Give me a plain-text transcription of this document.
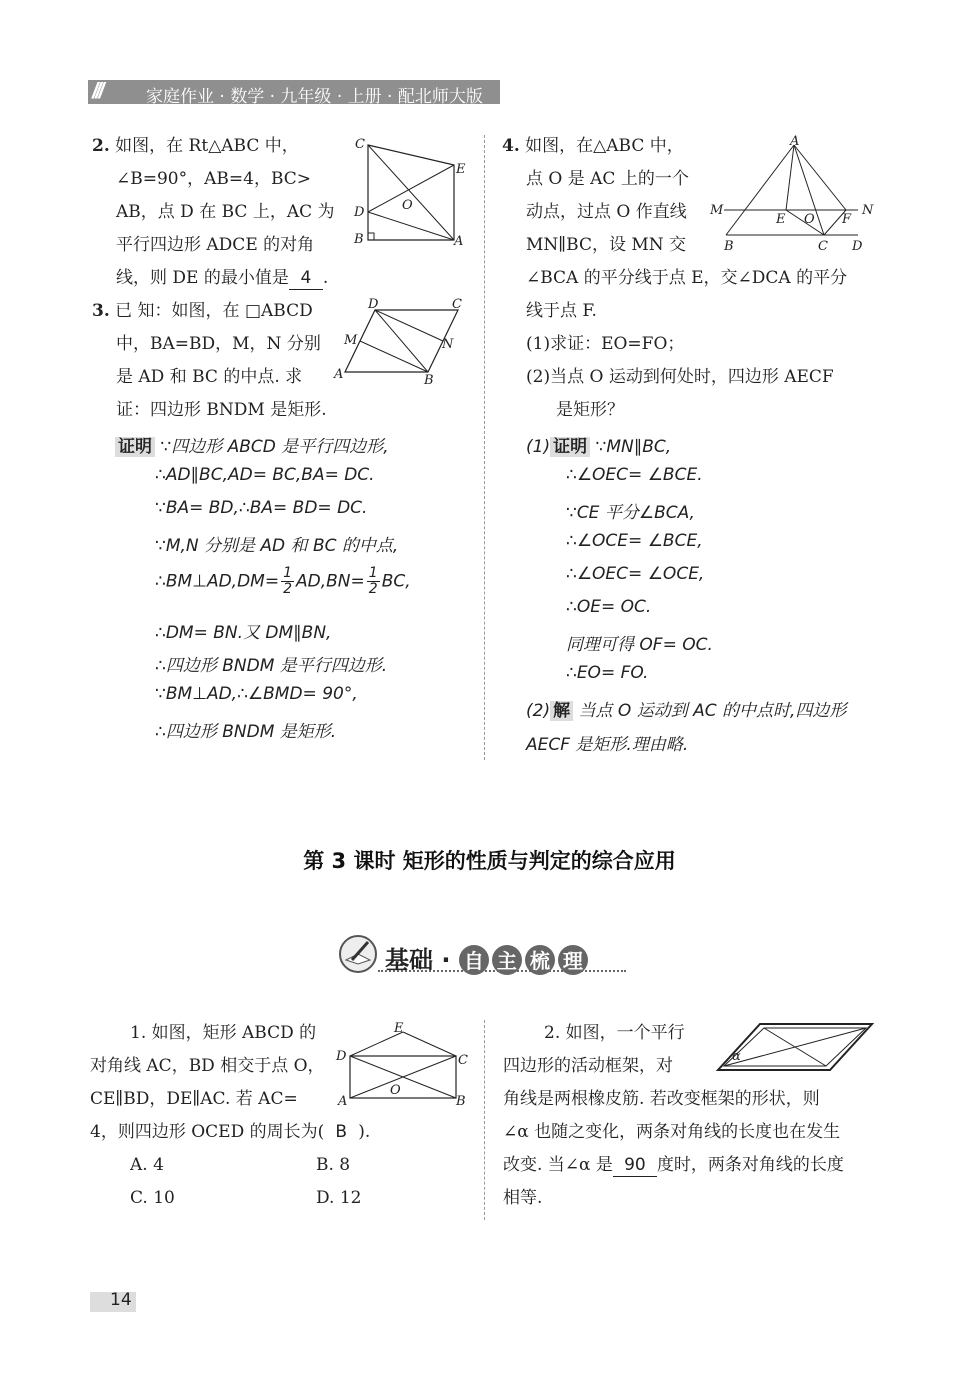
///	家庭作业 · 数学 · 九年级 · 上册 · 配北师大版
2. 如图，在 Rt△ABC 中，
∠B=90°，AB=4，BC>
AB，点 D 在 BC 上，AC 为
平行四边形 ADCE 的对角
线，则 DE 的最小值是 4 .
C
E
O
D
B	A
3. 已 知：如图，在 □ABCD
中，BA=BD，M，N 分别
是 AD 和 BC 的中点. 求
证：四边形 BNDM 是矩形.
D	C
M	N
A	B
证明 ∵四边形 ABCD 是平行四边形,
∴AD∥BC,AD= BC,BA= DC.
∵BA= BD,∴BA= BD= DC.
∵M,N 分别是 AD 和 BC 的中点,
∴BM⊥AD,DM= $\frac{1}{2} AD,BN= \frac{1}{2}$ BC,
∴DM= BN.又 DM∥BN,
∴四边形 BNDM 是平行四边形.
∵BM⊥AD,∴∠BMD= 90°,
∴四边形 BNDM 是矩形.
4. 如图，在△ABC 中，
点 O 是 AC 上的一个
动点，过点 O 作直线
MN∥BC，设 MN 交
∠BCA 的平分线于点 E，交∠DCA 的平分
线于点 F.
(1)求证：EO=FO；
(2)当点 O 运动到何处时，四边形 AECF
是矩形？
A
M
E O F
N
B	C D
(1) 证明 ∵MN∥BC,
∴∠OEC= ∠BCE.
∵CE 平分∠BCA,
∴∠OCE= ∠BCE,
∴∠OEC= ∠OCE,
∴OE= OC.
同理可得 OF= OC.
∴EO= FO.
(2) 解 当点 O 运动到 AC 的中点时,四边形
AECF 是矩形.理由略.
第 3 课时 矩形的性质与判定的综合应用
基础 · 自 主 梳 理
1. 如图，矩形 ABCD 的
对角线 AC，BD 相交于点 O，
CE∥BD，DE∥AC. 若 AC=
4，则四边形 OCED 的周长为( B ).
A. 4	B. 8
C. 10	D. 12
E
D	C
O
A	B
2. 如图，一个平行
四边形的活动框架，对
角线是两根橡皮筋. 若改变框架的形状，则
∠α 也随之变化，两条对角线的长度也在发生
改变. 当∠α 是 90 度时，两条对角线的长度
相等.
α
14
